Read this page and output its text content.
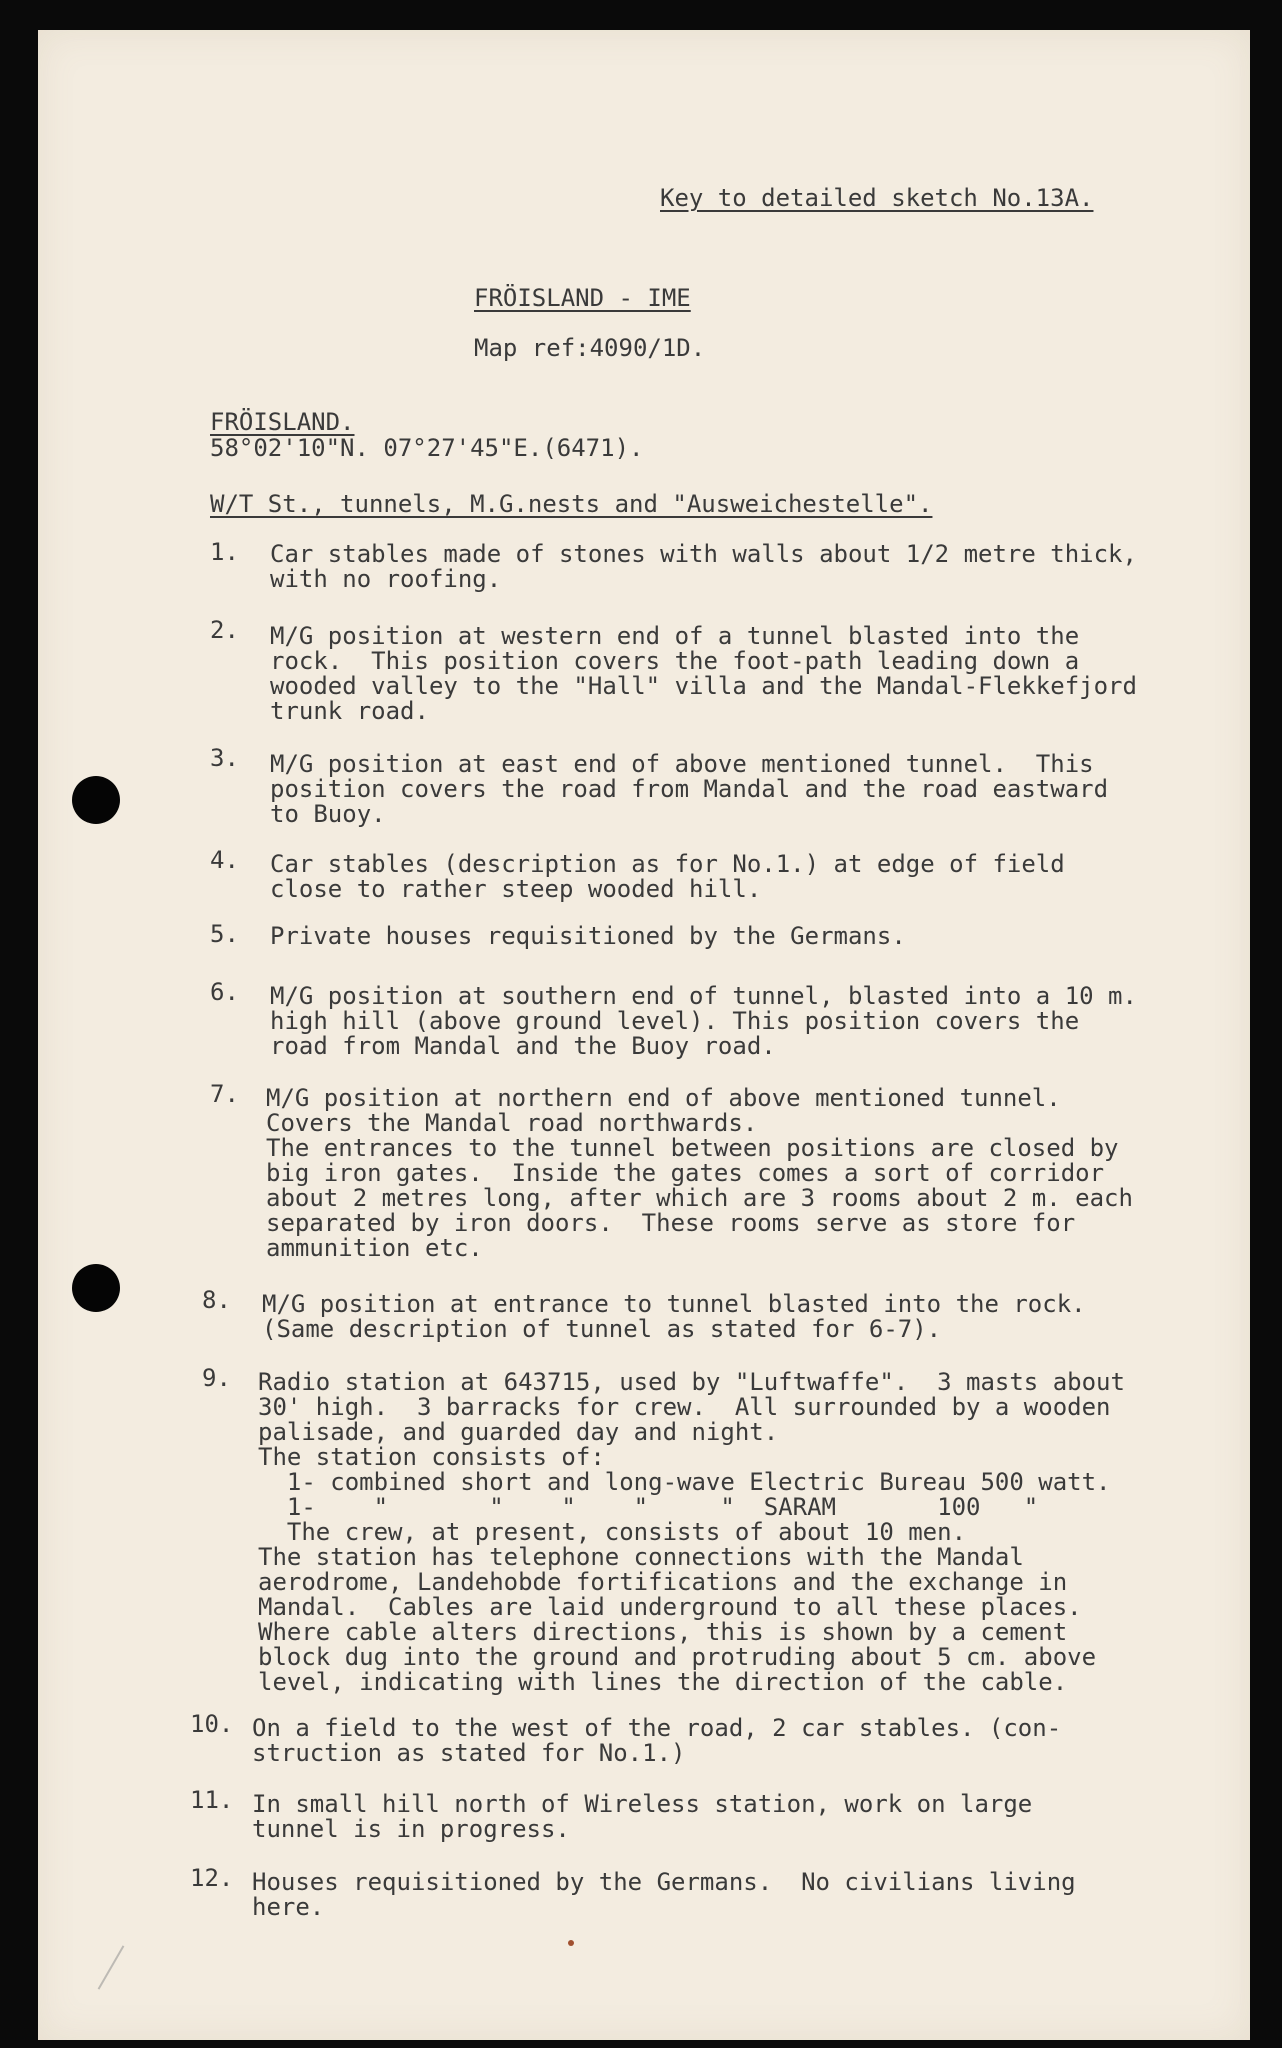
Key to detailed sketch No.13A.
FRÖISLAND - IME
Map ref:4090/1D.
FRÖISLAND.
58°02'10"N. 07°27'45"E.(6471).
W/T St., tunnels, M.G.nests and "Ausweichestelle".
1. Car stables made of stones with walls about 1/2 metre thick,
with no roofing.
2. M/G position at western end of a tunnel blasted into the
rock.  This position covers the foot-path leading down a
wooded valley to the "Hall" villa and the Mandal-Flekkefjord
trunk road.
3. M/G position at east end of above mentioned tunnel.  This
position covers the road from Mandal and the road eastward
to Buoy.
4. Car stables (description as for No.1.) at edge of field
close to rather steep wooded hill.
5. Private houses requisitioned by the Germans.
6. M/G position at southern end of tunnel, blasted into a 10 m.
high hill (above ground level). This position covers the
road from Mandal and the Buoy road.
7. M/G position at northern end of above mentioned tunnel.
Covers the Mandal road northwards.
The entrances to the tunnel between positions are closed by
big iron gates.  Inside the gates comes a sort of corridor
about 2 metres long, after which are 3 rooms about 2 m. each
separated by iron doors.  These rooms serve as store for
ammunition etc.
8. M/G position at entrance to tunnel blasted into the rock.
(Same description of tunnel as stated for 6-7).
9. Radio station at 643715, used by "Luftwaffe".  3 masts about
30' high.  3 barracks for crew.  All surrounded by a wooden
palisade, and guarded day and night.
The station consists of:
1- combined short and long-wave Electric Bureau 500 watt.
1-    "       "    "    "     "  SARAM       100   "
The crew, at present, consists of about 10 men.
The station has telephone connections with the Mandal
aerodrome, Landehobde fortifications and the exchange in
Mandal.  Cables are laid underground to all these places.
Where cable alters directions, this is shown by a cement
block dug into the ground and protruding about 5 cm. above
level, indicating with lines the direction of the cable.
10. On a field to the west of the road, 2 car stables. (con-
struction as stated for No.1.)
11. In small hill north of Wireless station, work on large
tunnel is in progress.
12. Houses requisitioned by the Germans.  No civilians living
here.
